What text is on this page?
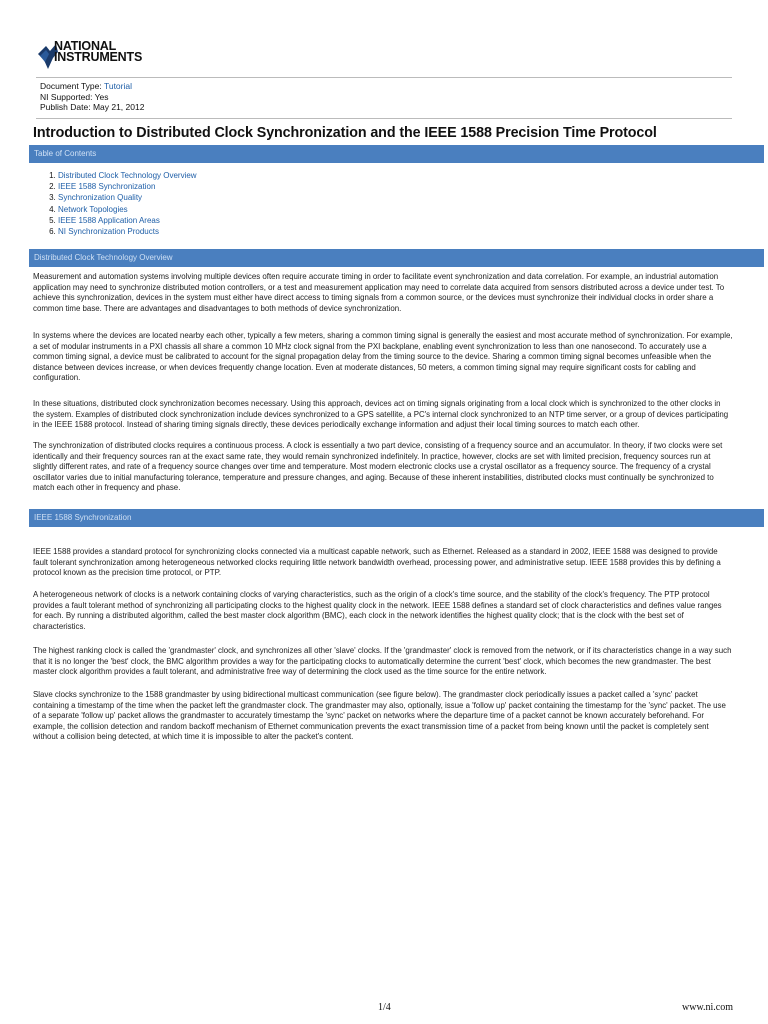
NATIONAL
INSTRUMENTS
Document Type: Tutorial
NI Supported: Yes
Publish Date: May 21, 2012
Introduction to Distributed Clock Synchronization and the IEEE 1588 Precision Time Protocol
Table of Contents
1. Distributed Clock Technology Overview
2. IEEE 1588 Synchronization
3. Synchronization Quality
4. Network Topologies
5. IEEE 1588 Application Areas
6. NI Synchronization Products
Distributed Clock Technology Overview

Measurement and automation systems involving multiple devices often require accurate timing in order to facilitate event synchronization and data correlation. For example, an industrial automation application may need to synchronize distributed motion controllers, or a test and measurement application may need to correlate data acquired from sensors distributed across a device under test. To achieve this synchronization, devices in the system must either have direct access to timing signals from a common source, or the devices must synchronize their individual clocks in order share a common time base. There are advantages and disadvantages to both methods of device synchronization.

In systems where the devices are located nearby each other, typically a few meters, sharing a common timing signal is generally the easiest and most accurate method of synchronization. For example, a set of modular instruments in a PXI chassis all share a common 10 MHz clock signal from the PXI backplane, enabling event synchronization to less than one nanosecond. To accurately use a common timing signal, a device must be calibrated to account for the signal propagation delay from the timing source to the device. Sharing a common timing signal becomes unfeasible when the distance between devices increase, or when devices frequently change location. Even at moderate distances, 50 meters, a common timing signal may require significant costs for cabling and configuration.

In these situations, distributed clock synchronization becomes necessary. Using this approach, devices act on timing signals originating from a local clock which is synchronized to the other clocks in the system. Examples of distributed clock synchronization include devices synchronized to a GPS satellite, a PC's internal clock synchronized to an NTP time server, or a group of devices participating in the IEEE 1588 protocol. Instead of sharing timing signals directly, these devices periodically exchange information and adjust their local timing sources to match each other.

The synchronization of distributed clocks requires a continuous process. A clock is essentially a two part device, consisting of a frequency source and an accumulator. In theory, if two clocks were set identically and their frequency sources ran at the exact same rate, they would remain synchronized indefinitely. In practice, however, clocks are set with limited precision, frequency sources run at slightly different rates, and rate of a frequency source changes over time and temperature. Most modern electronic clocks use a crystal oscillator as a frequency source. The frequency of a crystal oscillator varies due to initial manufacturing tolerance, temperature and pressure changes, and aging. Because of these inherent instabilities, distributed clocks must continually be synchronized to match each other in frequency and phase.

IEEE 1588 Synchronization

IEEE 1588 provides a standard protocol for synchronizing clocks connected via a multicast capable network, such as Ethernet. Released as a standard in 2002, IEEE 1588 was designed to provide fault tolerant synchronization among heterogeneous networked clocks requiring little network bandwidth overhead, processing power, and administrative setup. IEEE 1588 provides this by defining a protocol known as the precision time protocol, or PTP.

A heterogeneous network of clocks is a network containing clocks of varying characteristics, such as the origin of a clock's time source, and the stability of the clock's frequency. The PTP protocol provides a fault tolerant method of synchronizing all participating clocks to the highest quality clock in the network. IEEE 1588 defines a standard set of clock characteristics and defines value ranges for each. By running a distributed algorithm, called the best master clock algorithm (BMC), each clock in the network identifies the highest quality clock; that is the clock with the best set of characteristics.

The highest ranking clock is called the 'grandmaster' clock, and synchronizes all other 'slave' clocks. If the 'grandmaster' clock is removed from the network, or if its characteristics change in a way such that it is no longer the 'best' clock, the BMC algorithm provides a way for the participating clocks to automatically determine the current 'best' clock, which becomes the new grandmaster. The best master clock algorithm provides a fault tolerant, and administrative free way of determining the clock used as the time source for the entire network.

Slave clocks synchronize to the 1588 grandmaster by using bidirectional multicast communication (see figure below). The grandmaster clock periodically issues a packet called a 'sync' packet containing a timestamp of the time when the packet left the grandmaster clock. The grandmaster may also, optionally, issue a 'follow up' packet containing the timestamp for the 'sync' packet. The use of a separate 'follow up' packet allows the grandmaster to accurately timestamp the 'sync' packet on networks where the departure time of a packet cannot be known accurately beforehand. For example, the collision detection and random backoff mechanism of Ethernet communication prevents the exact transmission time of a packet from being known until the packet is completely sent without a collision being detected, at which time it is impossible to alter the packet's content.

1/4	www.ni.com
